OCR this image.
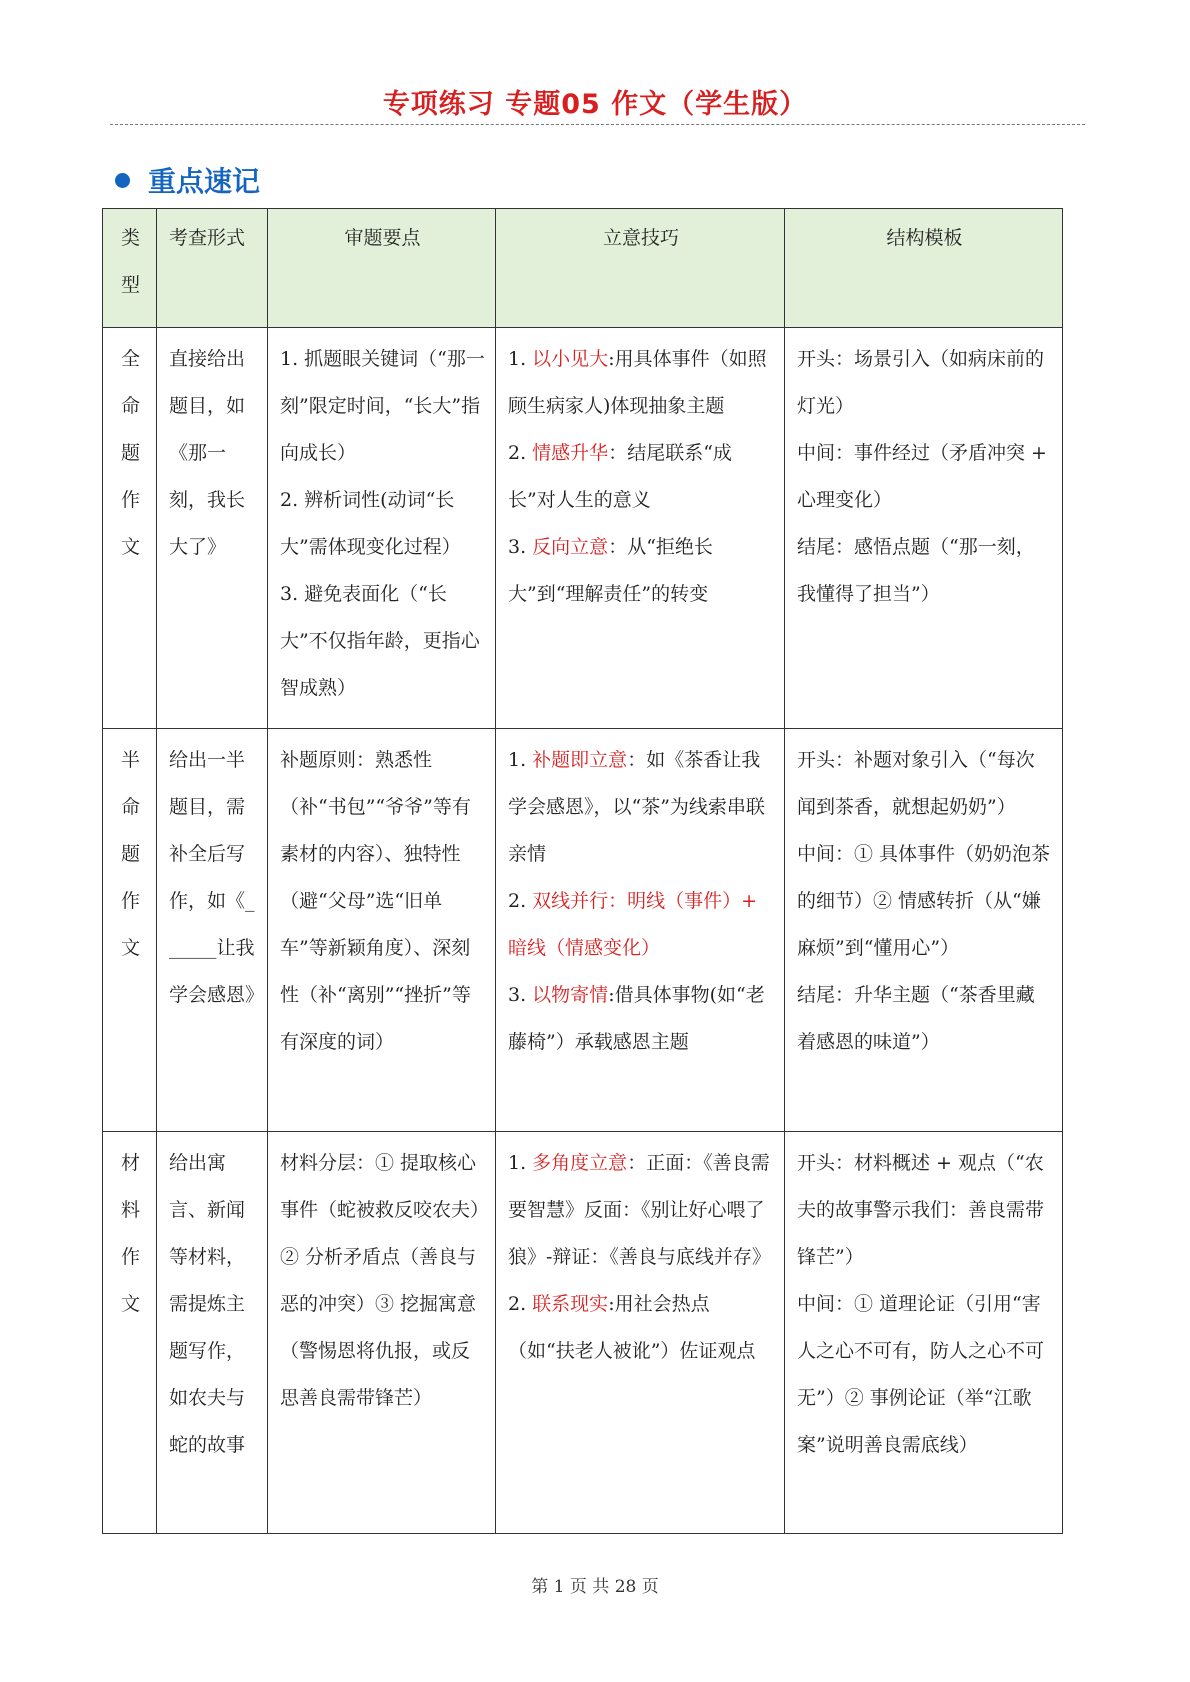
专项练习 专题05 作文（学生版）
重点速记
类型	考查形式	审题要点	立意技巧	结构模板
全命题作文	直接给出题目，如《那一刻，我长大了》	1. 抓题眼关键词（“那一刻”限定时间，“长大”指向成长）
2. 辨析词性(动词“长大”需体现变化过程）
3. 避免表面化（“长大”不仅指年龄，更指心智成熟）	1. 以小见大:用具体事件（如照顾生病家人)体现抽象主题
2. 情感升华：结尾联系“成长”对人生的意义
3. 反向立意：从“拒绝长大”到“理解责任”的转变	开头：场景引入（如病床前的灯光）
中间：事件经过（矛盾冲突 + 心理变化）
结尾：感悟点题（“那一刻，我懂得了担当”）

半命题作文	给出一半题目，需补全后写作，如《______让我学会感恩》	补题原则：熟悉性（补“书包”“爷爷”等有素材的内容）、独特性（避“父母”选“旧单车”等新颖角度）、深刻性（补“离别”“挫折”等有深度的词）	1. 补题即立意：如《茶香让我学会感恩》，以“茶”为线索串联亲情
2. 双线并行：明线（事件）+ 暗线（情感变化）
3. 以物寄情:借具体事物(如“老藤椅”）承载感恩主题	开头：补题对象引入（“每次闻到茶香，就想起奶奶”）
中间：① 具体事件（奶奶泡茶的细节）② 情感转折（从“嫌麻烦”到“懂用心”）
结尾：升华主题（“茶香里藏着感恩的味道”）

材料作文	给出寓言、新闻等材料，需提炼主题写作，如农夫与蛇的故事	材料分层：① 提取核心事件（蛇被救反咬农夫）② 分析矛盾点（善良与恶的冲突）③ 挖掘寓意（警惕恩将仇报，或反思善良需带锋芒）	1. 多角度立意：正面：《善良需要智慧》反面：《别让好心喂了狼》-辩证：《善良与底线并存》
2. 联系现实:用社会热点（如“扶老人被讹”）佐证观点	开头：材料概述 + 观点（“农夫的故事警示我们：善良需带锋芒”）
中间：① 道理论证（引用“害人之心不可有，防人之心不可无”）② 事例论证（举“江歌案”说明善良需底线）
第 1 页 共 28 页
